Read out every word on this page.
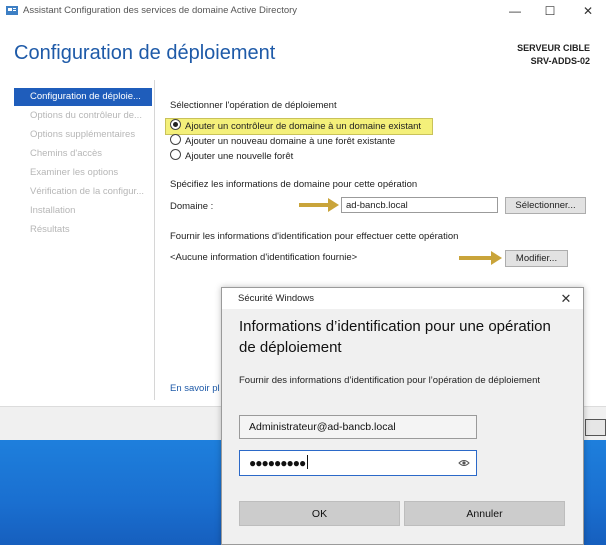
Assistant Configuration des services de domaine Active Directory	—	☐	✕
Configuration de déploiement	SERVEUR CIBLE
SRV-ADDS-02
Configuration de déploie...
Options du contrôleur de...
Options supplémentaires
Chemins d'accès
Examiner les options
Vérification de la configur...
Installation
Résultats
Sélectionner l'opération de déploiement
Ajouter un contrôleur de domaine à un domaine existant
Ajouter un nouveau domaine à une forêt existante
Ajouter une nouvelle forêt
Spécifiez les informations de domaine pour cette opération
Domaine :	ad-bancb.local	Sélectionner...
Fournir les informations d'identification pour effectuer cette opération
<Aucune information d'identification fournie>	Modifier...
En savoir pl
Sécurité Windows	✕
Informations d’identification pour une opération de déploiement
Fournir des informations d’identification pour l’opération de déploiement
Administrateur@ad-bancb.local
●●●●●●●●●
OK	Annuler
